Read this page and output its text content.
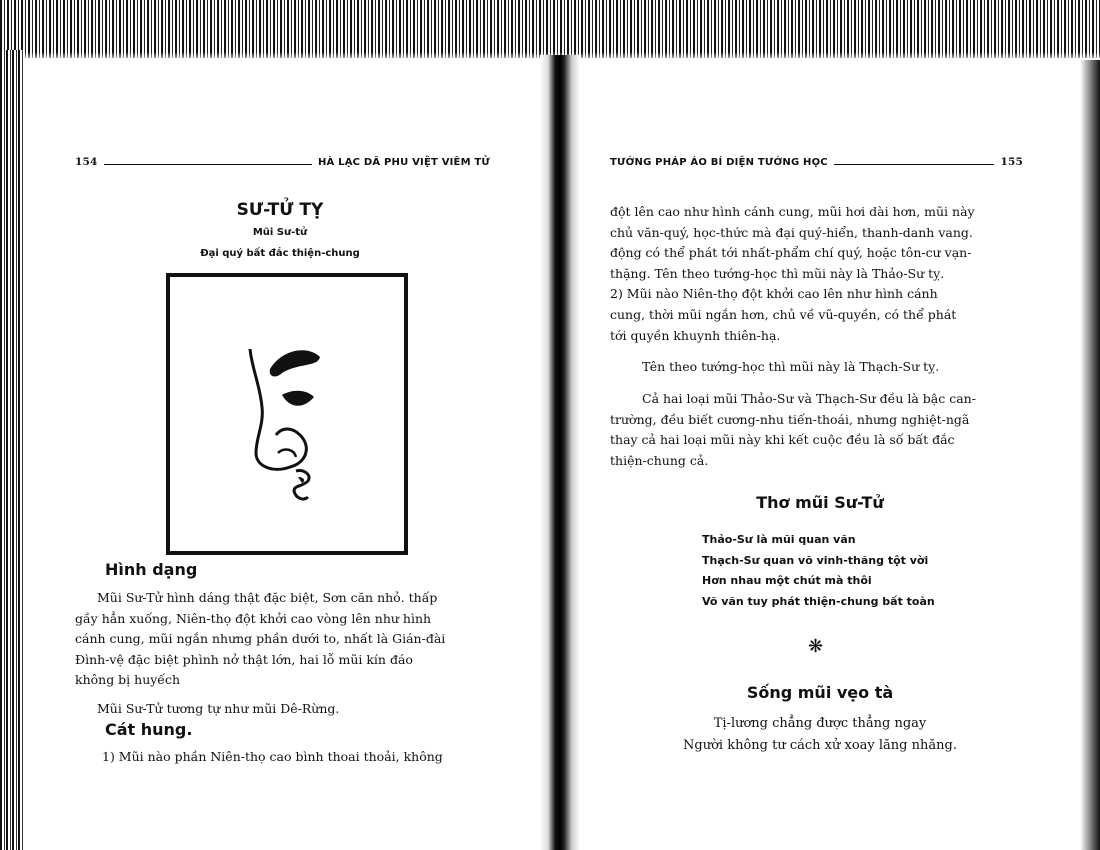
154	HÀ LẠC DÃ PHU VIỆT VIÊM TỬ
SƯ-TỬ TỴ
Mũi Sư-tử
Đại quý bất đắc thiện-chung
Hình dạng
Mũi Sư-Tử hình dáng thật đặc biệt, Sơn căn nhỏ. thấp
gầy hẳn xuống, Niên-thọ đột khởi cao vòng lên như hình
cánh cung, mũi ngắn nhưng phần dưới to, nhất là Gián-đài
Đình-vệ đặc biệt phình nở thật lớn, hai lỗ mũi kín đáo
không bị huyếch
Mũi Sư-Tử tương tự như mũi Dê-Rừng.
Cát hung.
1) Mũi nào phần Niên-thọ cao bình thoai thoải, không
TƯỚNG PHÁP ÁO BÍ DIỆN TƯỚNG HỌC	155
đột lên cao như hình cánh cung, mũi hơi dài hơn, mũi này
chủ văn-quý, học-thức mà đại quý-hiển, thanh-danh vang.
động có thể phát tới nhất-phẩm chí quý, hoặc tôn-cư vạn-
thặng. Tên theo tướng-học thì mũi này là Thảo-Sư tỵ.
2) Mũi nào Niên-thọ đột khởi cao lên như hình cánh
cung, thời mũi ngắn hơn, chủ về vũ-quyền, có thể phát
tới quyền khuynh thiên-hạ.
Tên theo tướng-học thì mũi này là Thạch-Sư tỵ.
Cả hai loại mũi Thảo-Sư và Thạch-Sư đều là bậc can-
trường, đều biết cương-nhu tiến-thoái, nhưng nghiệt-ngã
thay cả hai loại mũi này khi kết cuộc đều là số bất đắc
thiện-chung cả.
Thơ mũi Sư-Tử
Thảo-Sư là mũi quan văn
Thạch-Sư quan võ vinh-thăng tột vời
Hơn nhau một chút mà thôi
Võ văn tuy phát thiện-chung bất toàn
❋
Sống mũi vẹo tà
Tị-lương chẳng được thẳng ngay
Người không tư cách xử xoay lăng nhăng.
